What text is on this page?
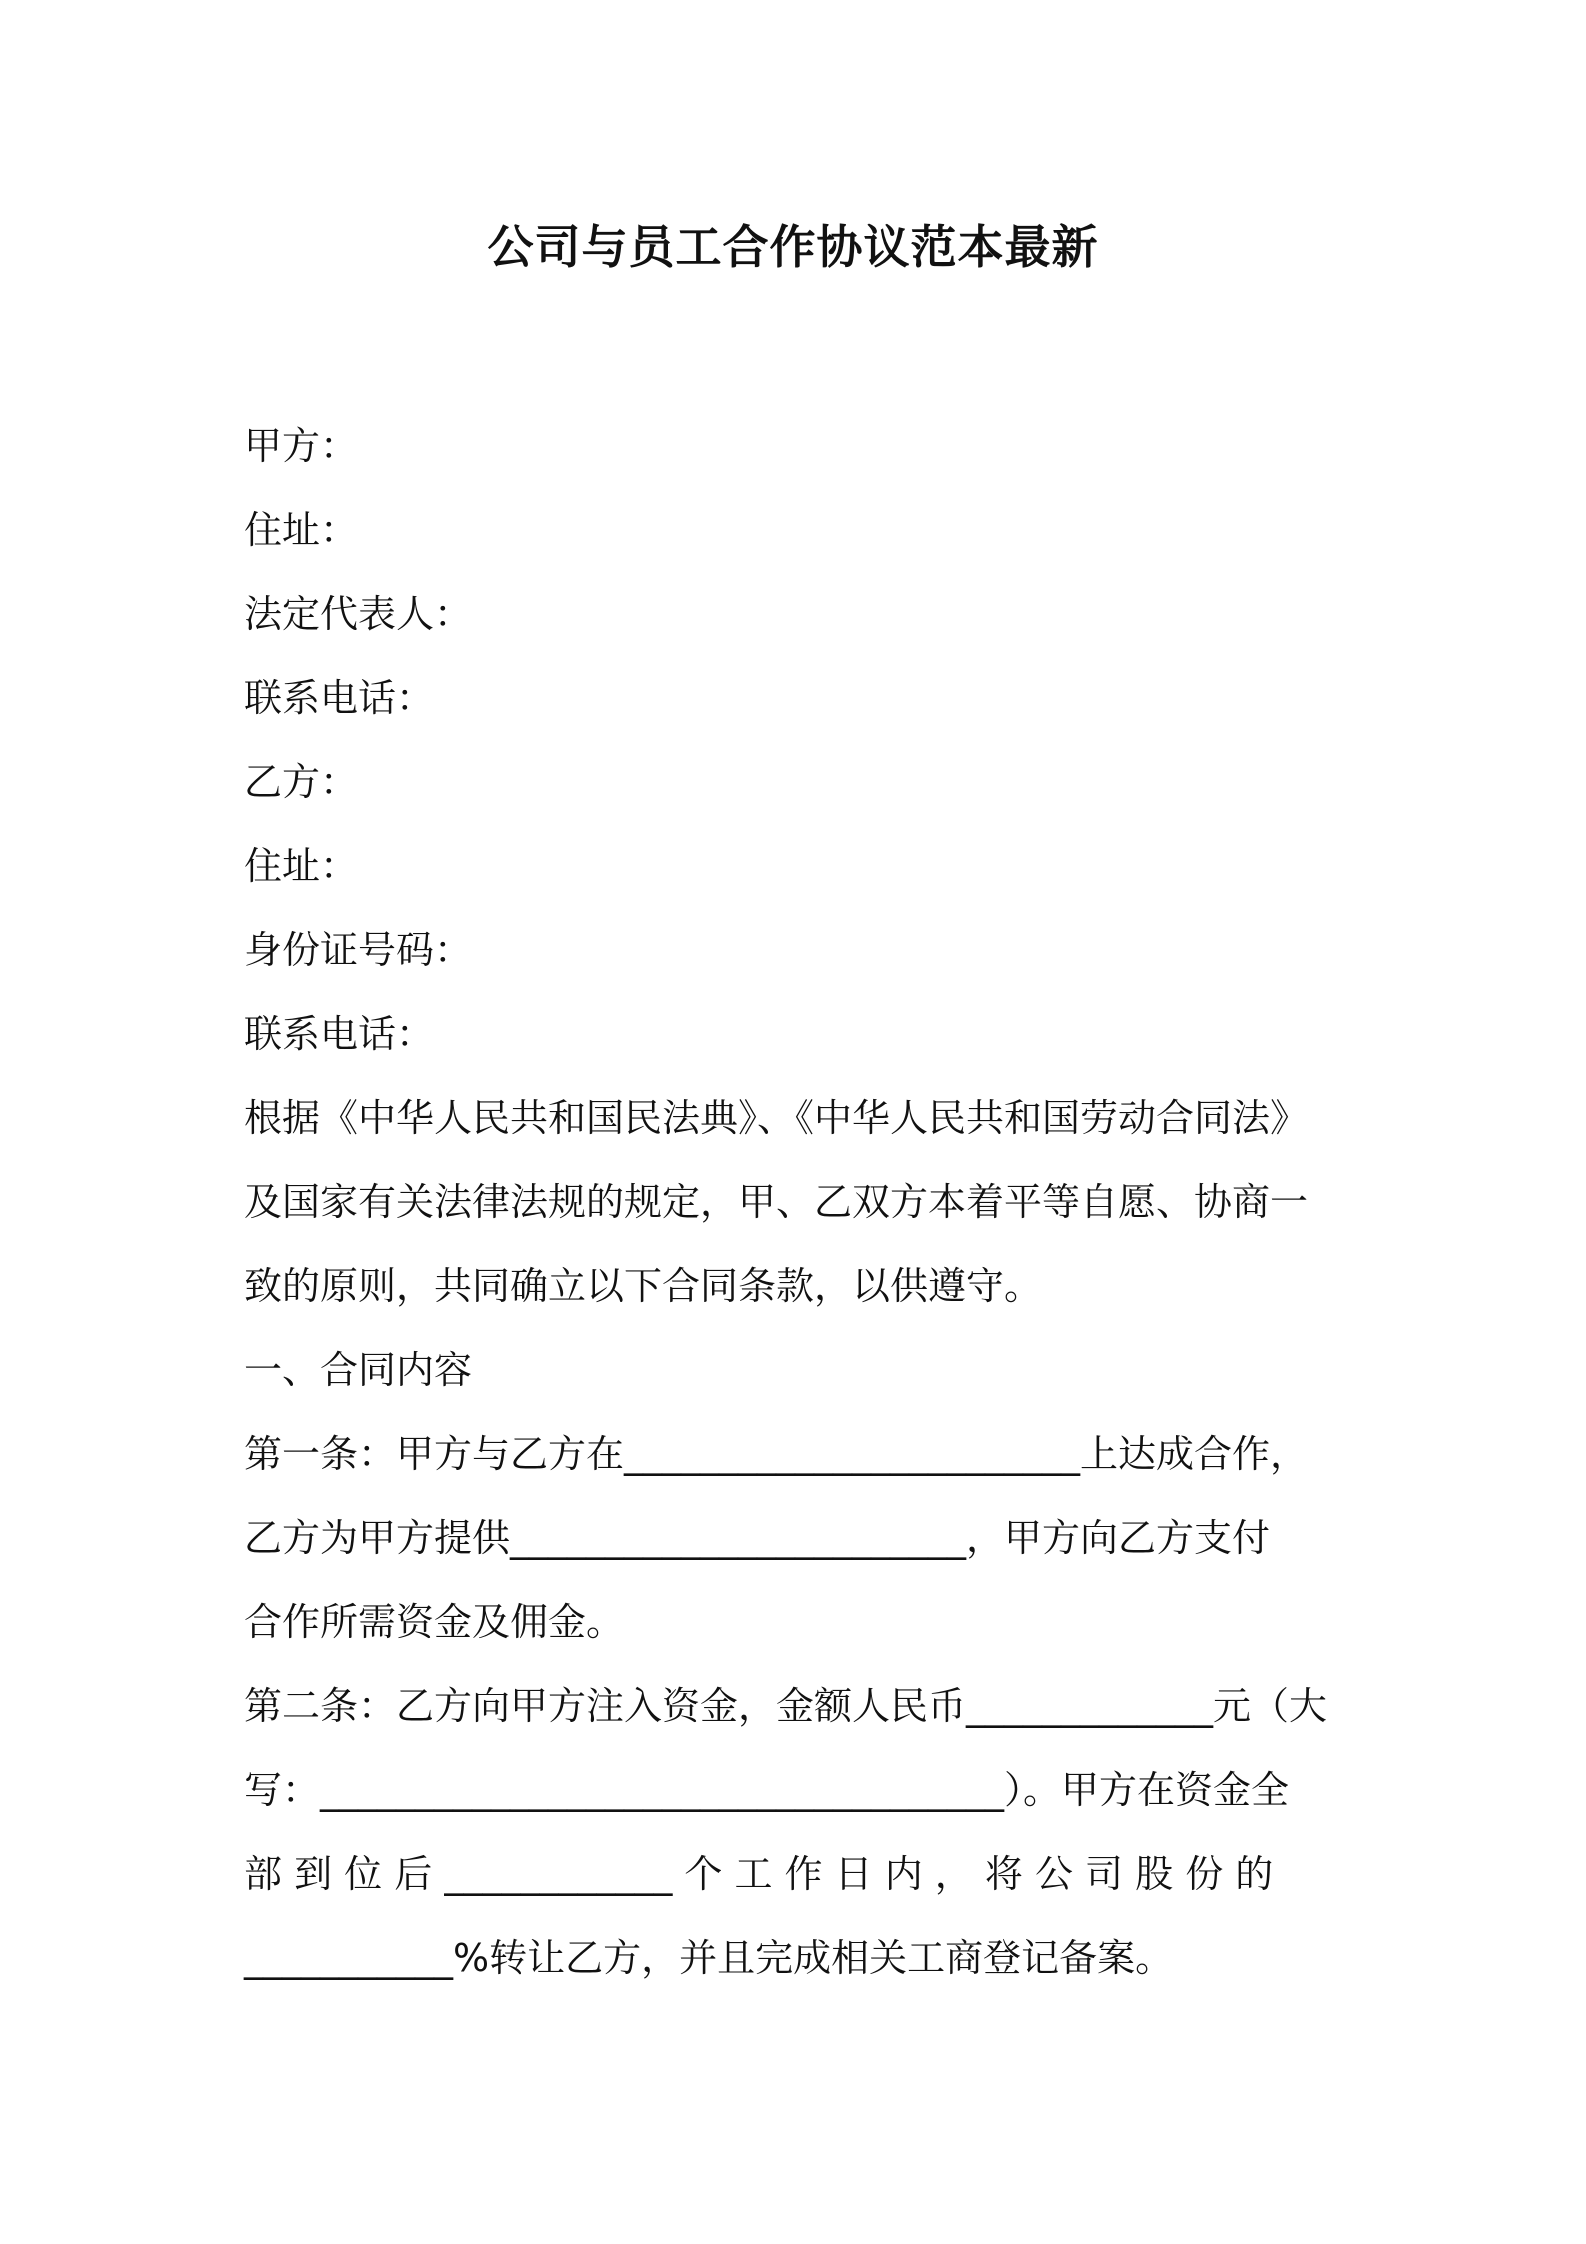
公司与员工合作协议范本最新
甲方：
住址：
法定代表人：
联系电话：
乙方：
住址：
身份证号码：
联系电话：
根据《中华人民共和国民法典》、《中华人民共和国劳动合同法》
及国家有关法律法规的规定，甲、乙双方本着平等自愿、协商一
致的原则，共同确立以下合同条款，以供遵守。
一、合同内容
第一条：甲方与乙方在________________________上达成合作，
乙方为甲方提供________________________，甲方向乙方支付
合作所需资金及佣金。
第二条：乙方向甲方注入资金，金额人民币_____________元（大
写：____________________________________）。甲方在资金全
部 到 位 后 ____________ 个 工 作 日 内 ， 将 公 司 股 份 的
___________%转让乙方，并且完成相关工商登记备案。
